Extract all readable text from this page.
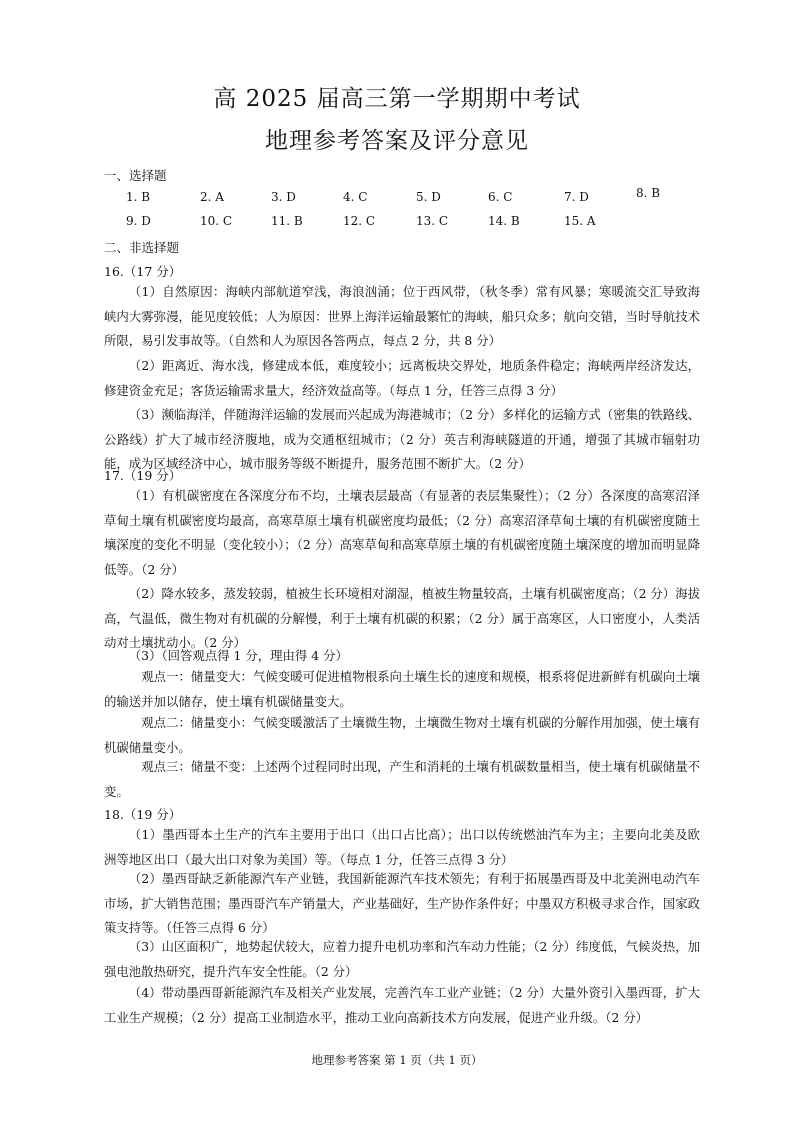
高 2025 届高三第一学期期中考试
地理参考答案及评分意见
一、选择题
1. B	2. A	3. D	4. C	5. D	6. C	7. D	8. B
9. D	10. C	11. B	12. C	13. C	14. B	15. A
二、非选择题
16.（17 分）
（1）自然原因：海峡内部航道窄浅，海浪汹涌；位于西风带，（秋冬季）常有风暴；寒暖流交汇导致海峡内大雾弥漫，能见度较低；人为原因：世界上海洋运输最繁忙的海峡，船只众多；航向交错，当时导航技术所限，易引发事故等。（自然和人为原因各答两点，每点 2 分，共 8 分）
（2）距离近、海水浅，修建成本低，难度较小；远离板块交界处，地质条件稳定；海峡两岸经济发达，修建资金充足；客货运输需求量大，经济效益高等。（每点 1 分，任答三点得 3 分）
（3）濒临海洋，伴随海洋运输的发展而兴起成为海港城市；（2 分）多样化的运输方式（密集的铁路线、公路线）扩大了城市经济腹地，成为交通枢纽城市；（2 分）英吉利海峡隧道的开通，增强了其城市辐射功能，成为区域经济中心，城市服务等级不断提升，服务范围不断扩大。（2 分）
17.（19 分）
（1）有机碳密度在各深度分布不均，土壤表层最高（有显著的表层集聚性）；（2 分）各深度的高寒沼泽草甸土壤有机碳密度均最高，高寒草原土壤有机碳密度均最低；（2 分）高寒沼泽草甸土壤的有机碳密度随土壤深度的变化不明显（变化较小）；（2 分）高寒草甸和高寒草原土壤的有机碳密度随土壤深度的增加而明显降低等。（2 分）
（2）降水较多，蒸发较弱，植被生长环境相对湖湿，植被生物量较高，土壤有机碳密度高；（2 分）海拔高，气温低，微生物对有机碳的分解慢，利于土壤有机碳的积累；（2 分）属于高寒区，人口密度小，人类活动对土壤扰动小。（2 分）
（3）（回答观点得 1 分，理由得 4 分）
观点一：储量变大：气候变暖可促进植物根系向土壤生长的速度和规模，根系将促进新鲜有机碳向土壤的输送并加以储存，使土壤有机碳储量变大。
观点二：储量变小：气候变暖激活了土壤微生物，土壤微生物对土壤有机碳的分解作用加强，使土壤有机碳储量变小。
观点三：储量不变：上述两个过程同时出现，产生和消耗的土壤有机碳数量相当，使土壤有机碳储量不变。
18.（19 分）
（1）墨西哥本土生产的汽车主要用于出口（出口占比高）；出口以传统燃油汽车为主；主要向北美及欧洲等地区出口（最大出口对象为美国）等。（每点 1 分，任答三点得 3 分）
（2）墨西哥缺乏新能源汽车产业链，我国新能源汽车技术领先；有利于拓展墨西哥及中北美洲电动汽车市场，扩大销售范围；墨西哥汽车产销量大，产业基础好，生产协作条件好；中墨双方积极寻求合作，国家政策支持等。（任答三点得 6 分）
（3）山区面积广，地势起伏较大，应着力提升电机功率和汽车动力性能；（2 分）纬度低，气候炎热，加强电池散热研究，提升汽车安全性能。（2 分）
（4）带动墨西哥新能源汽车及相关产业发展，完善汽车工业产业链；（2 分）大量外资引入墨西哥，扩大工业生产规模；（2 分）提高工业制造水平，推动工业向高新技术方向发展，促进产业升级。（2 分）
地理参考答案 第 1 页（共 1 页）
